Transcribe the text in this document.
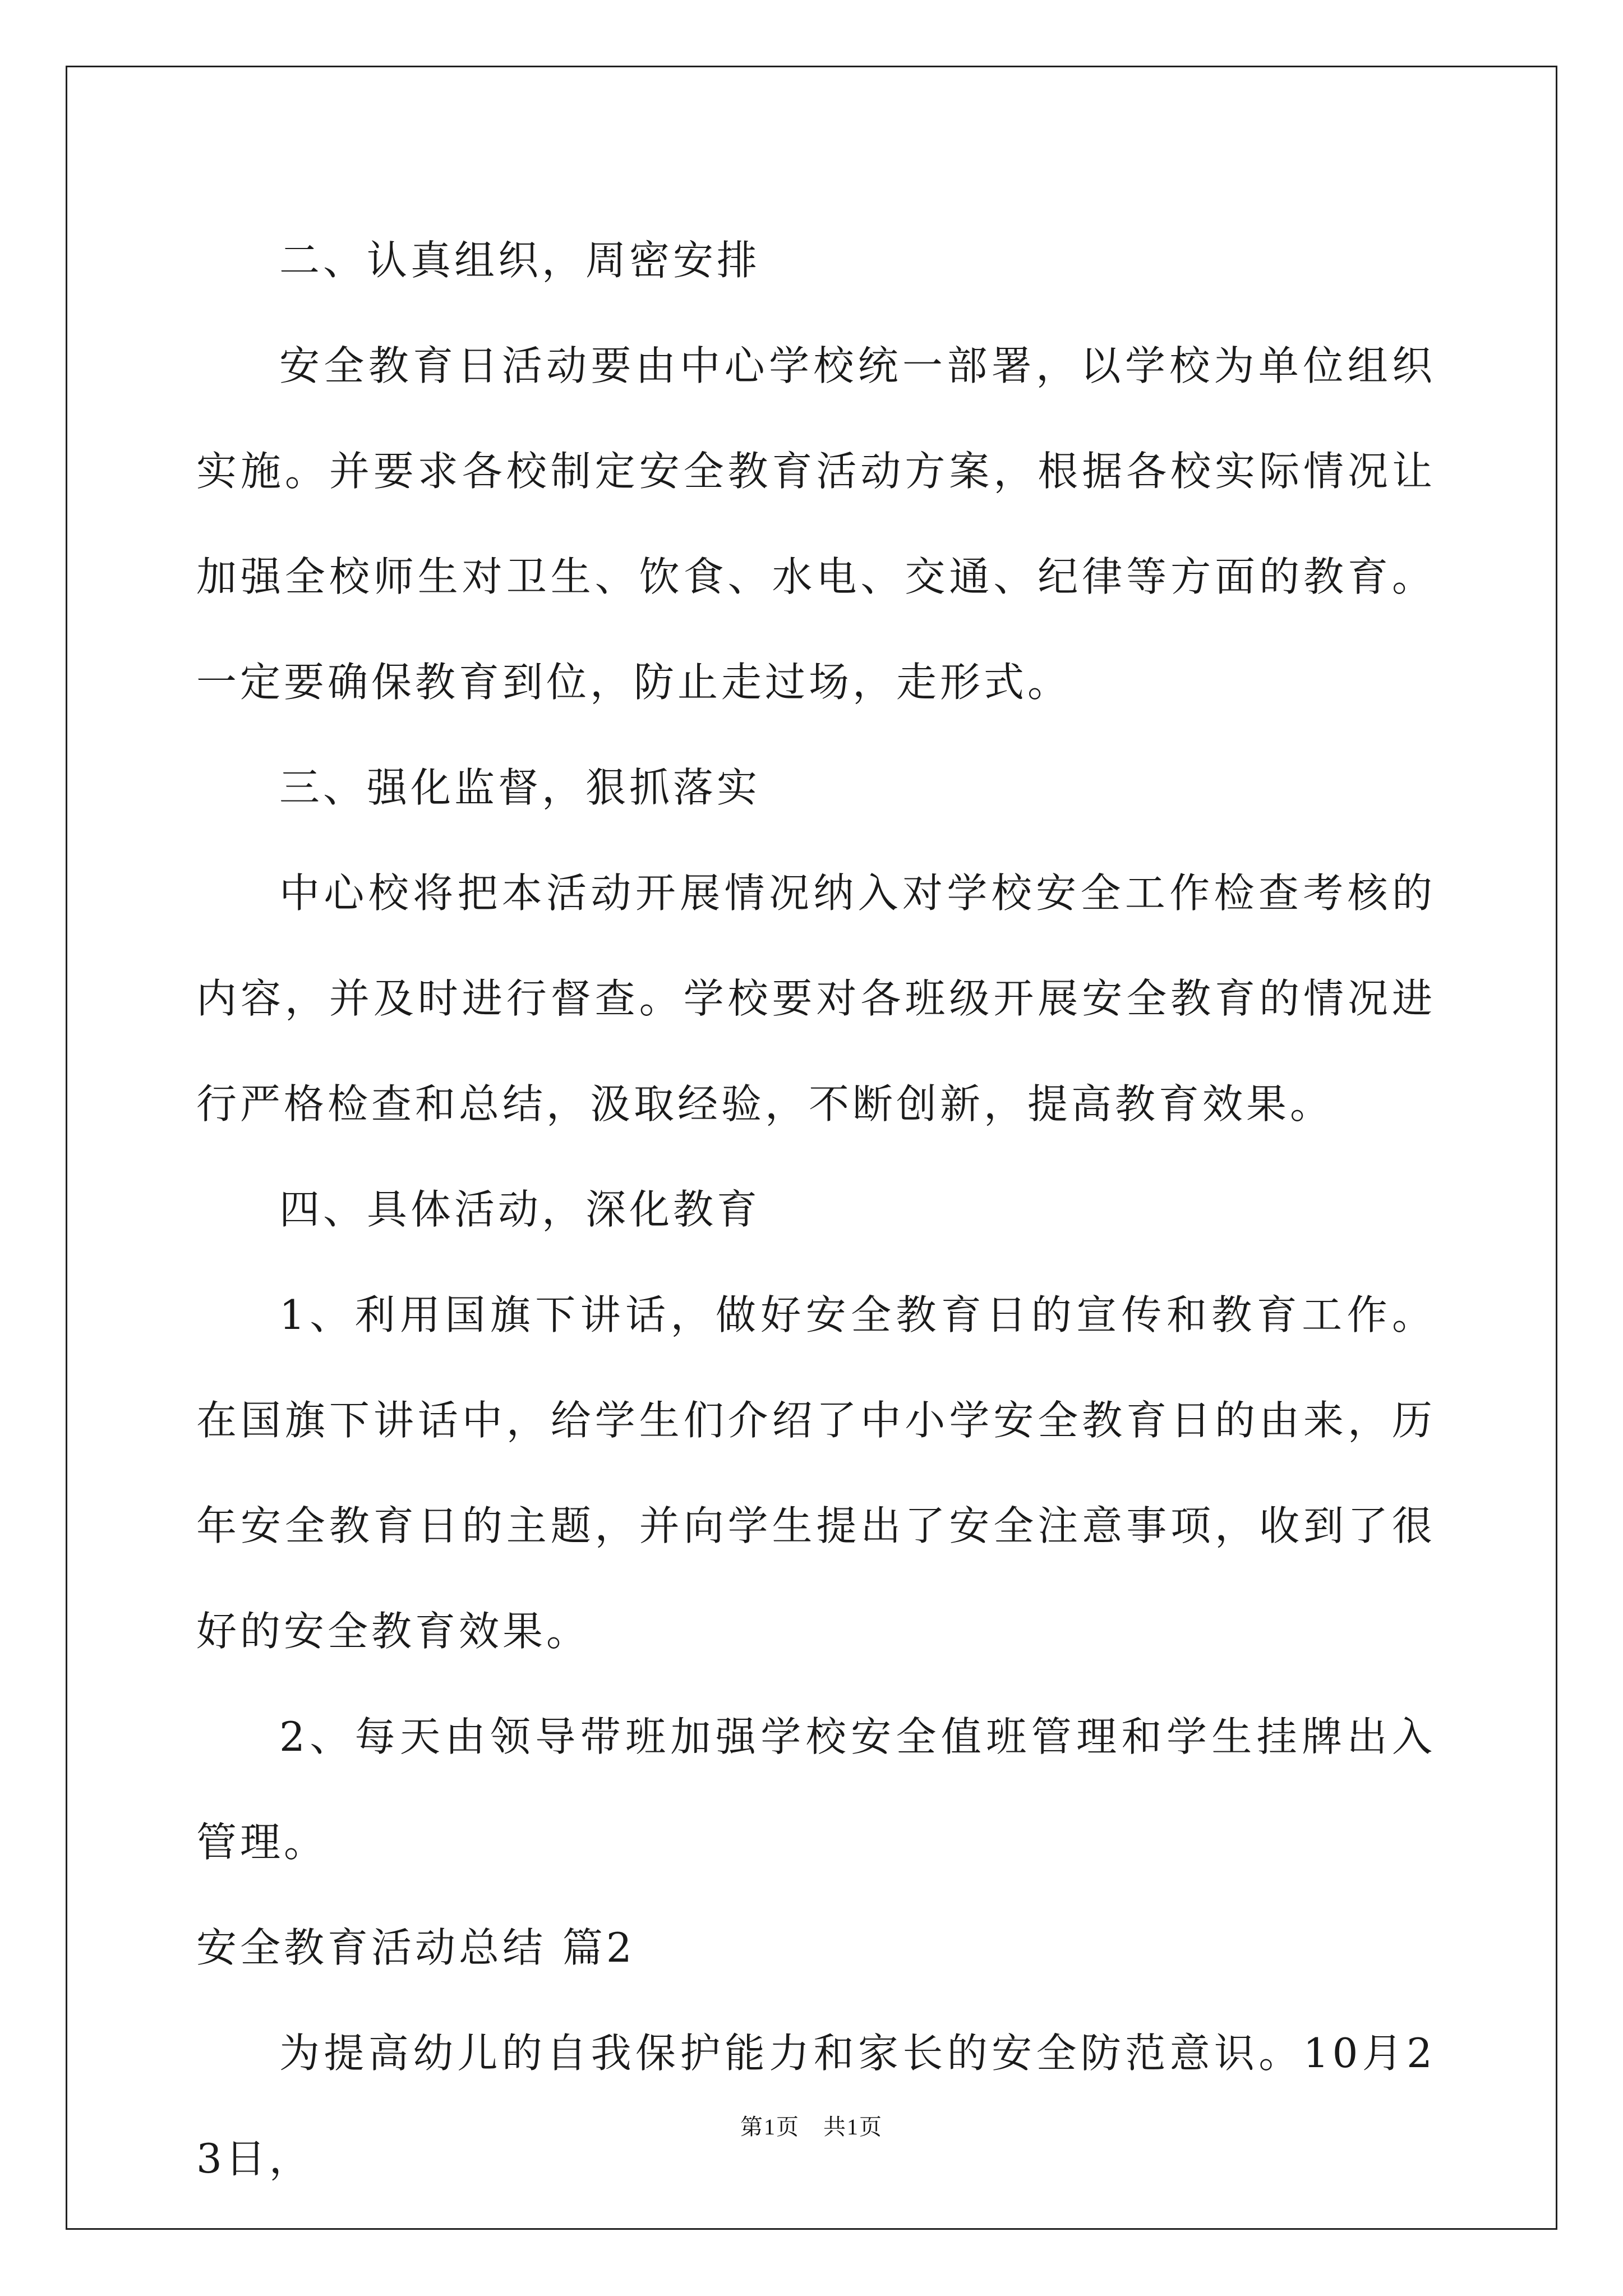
二、认真组织，周密安排

安全教育日活动要由中心学校统一部署，以学校为单位组织实施。并要求各校制定安全教育活动方案，根据各校实际情况让加强全校师生对卫生、饮食、水电、交通、纪律等方面的教育。一定要确保教育到位，防止走过场，走形式。

三、强化监督，狠抓落实

中心校将把本活动开展情况纳入对学校安全工作检查考核的内容，并及时进行督查。学校要对各班级开展安全教育的情况进行严格检查和总结，汲取经验，不断创新，提高教育效果。

四、具体活动，深化教育

1、利用国旗下讲话，做好安全教育日的宣传和教育工作。在国旗下讲话中，给学生们介绍了中小学安全教育日的由来，历年安全教育日的主题，并向学生提出了安全注意事项，收到了很好的安全教育效果。

2、每天由领导带班加强学校安全值班管理和学生挂牌出入管理。

安全教育活动总结 篇2

为提高幼儿的自我保护能力和家长的安全防范意识。10月23日，

第1页　共1页
